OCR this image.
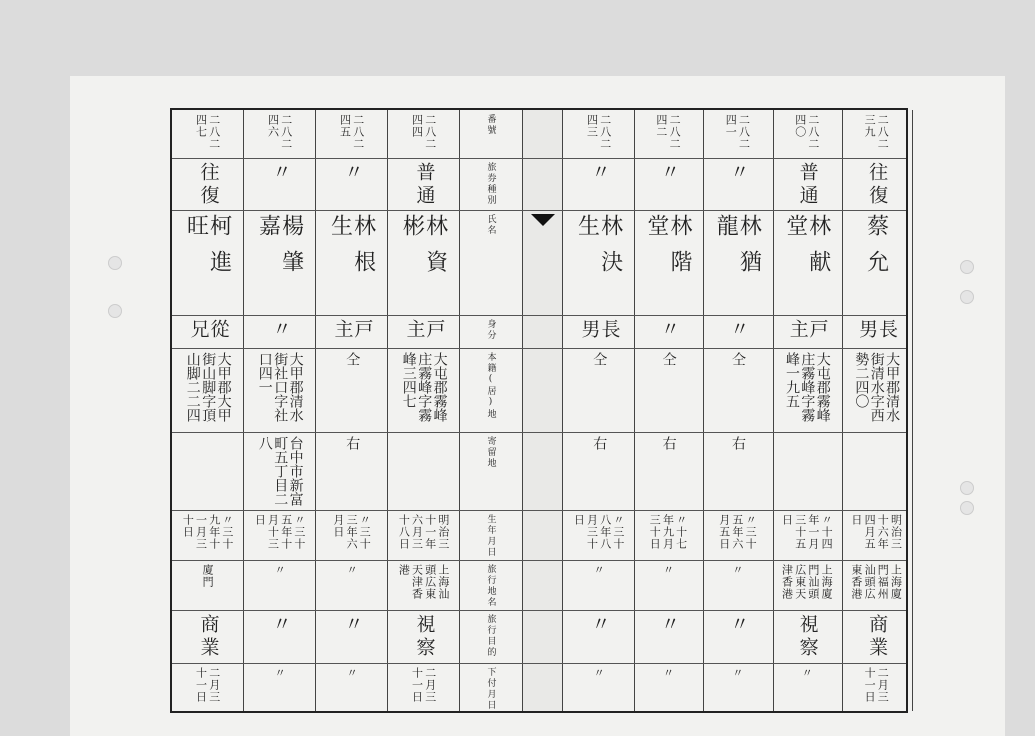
二八二四七
往復
柯進旺
從兄
大甲郡大甲街山脚字頂山脚二二四
〃三十九年十一月三十日
廈門
商業
二月三十一日
二八二四六
〃
楊肇嘉
〃
大甲郡清水街社口字社口四一
台中市新富町五丁目二八
〃三十五年十月十三日
〃
〃
〃
二八二四五
〃
林根生
戸主
仝
右
〃三十三年六月日
〃
〃
〃
二八二四四
普通
林資彬
戸主
大屯郡霧峰庄霧峰字霧峰三四七
明治三十一年六月三十八日
上海汕頭広東天津香港
視察
二月三十一日
番號
旅券種別
氏名
身分
本籍(居)地
寄留地
生年月日
旅行地名
旅行目的
下付月日
二八二四三
〃
林決生
長男
仝
右
〃三十八年八月三十日
〃
〃
〃
二八二四二
〃
林階堂
〃
仝
右
〃十七年九月三十日
〃
〃
〃
二八二四一
〃
林猶龍
〃
仝
右
〃三十五年六月五日
〃
〃
〃
二八二四〇
普通
林献堂
戸主
大屯郡霧峰庄霧峰字霧峰一九五
〃十四年一月三十五日
上海廈門汕頭広東天津香港
視察
〃
二八二三九
往復
蔡允
長男
大甲郡清水街清水字西勢二四〇
明治三十六年四月五日
上海廈門福州汕頭広東香港
商業
二月三十一日
